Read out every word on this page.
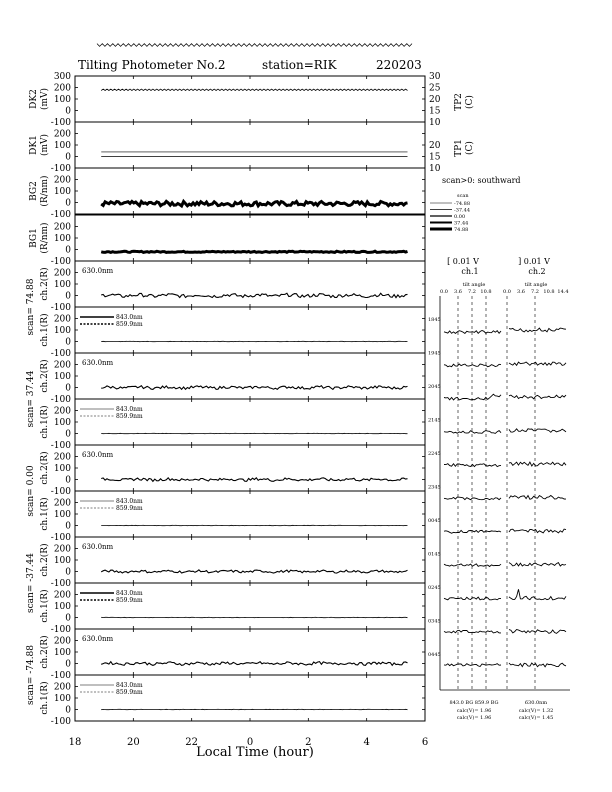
Tilting Photometer No.2	station=RIK	220203
300
200
100
0
-100
DK2 (mV)
200
100
0
-100
DK1 (mV)
200
100
0
-100
BG2 (R/nm)
200
100
0
-100
BG1 (R/nm)
200
100
0
-100
ch.2(R)	630.0nm
200
100
0
-100
ch.1(R)	843.0nm
859.9nm
200
100
0
-100
ch.2(R)	630.0nm
200
100
0
-100
ch.1(R)	843.0nm
859.9nm
200
100
0
-100
ch.2(R)	630.0nm
200
100
0
-100
ch.1(R)	843.0nm
859.9nm
200
100
0
-100
ch.2(R)	630.0nm
200
100
0
-100
ch.1(R)	843.0nm
859.9nm
200
100
0
-100
ch.2(R)	630.0nm
200
100
0
-100
ch.1(R)	843.0nm
859.9nm
scan= 74.88
scan= 37.44
scan= 0.00
scan= -37.44
scan= -74.88
30
25
20
15
10
20
15
10
18	20	22	0	2	4	6
Local Time (hour)
TP2 (C)
TP1 (C)
scan>0: southward
scan
-74.88
-37.44
0.00
37.44
74.88
[ 0.01 V
ch.1
] 0.01 V
ch.2
tilt angle	tilt angle
843.0 BG 859.9 BG
calc(V)= 1.96
calc(V)= 1.96
630.0nm
calc(V)= 1.32
calc(V)= 1.45
0.0 3.6 7.2 10.8 0.0 3.6 7.2 10.8 14.4
1845
1945
2045
2145
2245
2345
0045
0145
0245
0345
0445
